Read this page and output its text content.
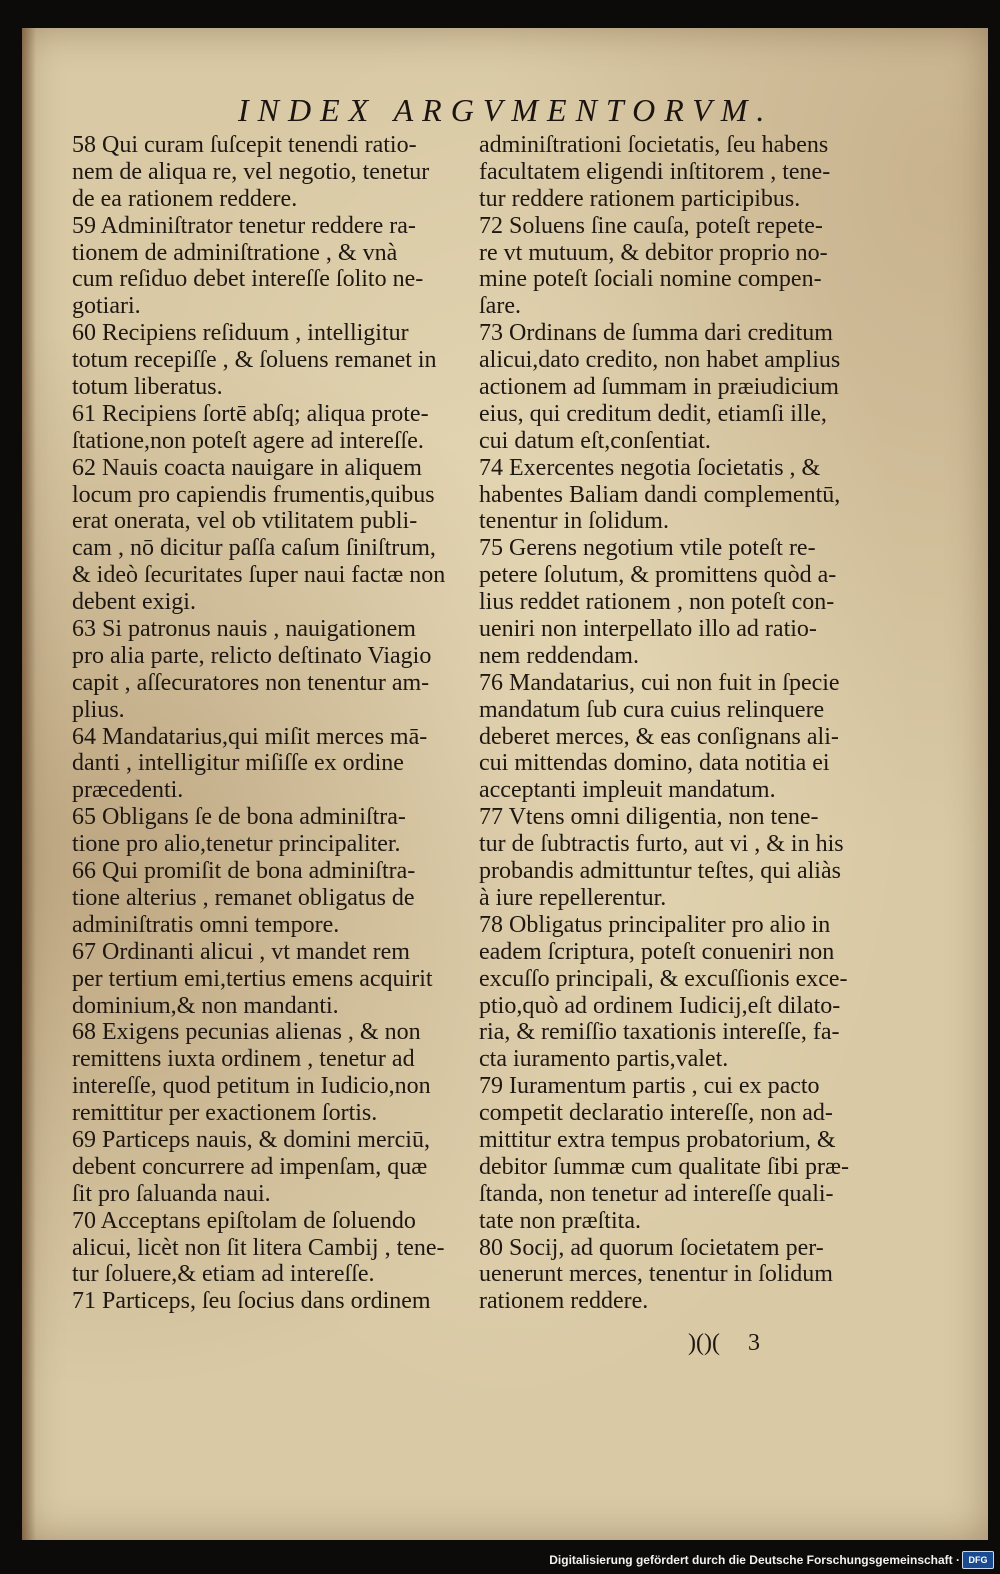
INDEX ARGVMENTORVM.
58 Qui curam ſuſcepit tenendi ratio-
nem de aliqua re, vel negotio, tenetur
de ea rationem reddere.
59 Adminiſtrator tenetur reddere ra-
tionem de adminiſtratione , & vnà
cum reſiduo debet intereſſe ſolito ne-
gotiari.
60 Recipiens reſiduum , intelligitur
totum recepiſſe , & ſoluens remanet in
totum liberatus.
61 Recipiens ſortē abſq; aliqua prote-
ſtatione,non poteſt agere ad intereſſe.
62 Nauis coacta nauigare in aliquem
locum pro capiendis frumentis,quibus
erat onerata, vel ob vtilitatem publi-
cam , nō dicitur paſſa caſum ſiniſtrum,
& ideò ſecuritates ſuper naui factæ non
debent exigi.
63 Si patronus nauis , nauigationem
pro alia parte, relicto deſtinato Viagio
capit , aſſecuratores non tenentur am-
plius.
64 Mandatarius,qui miſit merces mā-
danti , intelligitur miſiſſe ex ordine
præcedenti.
65 Obligans ſe de bona adminiſtra-
tione pro alio,tenetur principaliter.
66 Qui promiſit de bona adminiſtra-
tione alterius , remanet obligatus de
adminiſtratis omni tempore.
67 Ordinanti alicui , vt mandet rem
per tertium emi,tertius emens acquirit
dominium,& non mandanti.
68 Exigens pecunias alienas , & non
remittens iuxta ordinem , tenetur ad
intereſſe, quod petitum in Iudicio,non
remittitur per exactionem ſortis.
69 Particeps nauis, & domini merciū,
debent concurrere ad impenſam, quæ
ſit pro ſaluanda naui.
70 Acceptans epiſtolam de ſoluendo
alicui, licèt non ſit litera Cambij , tene-
tur ſoluere,& etiam ad intereſſe.
71 Particeps, ſeu ſocius dans ordinem
adminiſtrationi ſocietatis, ſeu habens
facultatem eligendi inſtitorem , tene-
tur reddere rationem participibus.
72 Soluens ſine cauſa, poteſt repete-
re vt mutuum, & debitor proprio no-
mine poteſt ſociali nomine compen-
ſare.
73 Ordinans de ſumma dari creditum
alicui,dato credito, non habet amplius
actionem ad ſummam in præiudicium
eius, qui creditum dedit, etiamſi ille,
cui datum eſt,conſentiat.
74 Exercentes negotia ſocietatis , &
habentes Baliam dandi complementū,
tenentur in ſolidum.
75 Gerens negotium vtile poteſt re-
petere ſolutum, & promittens quòd a-
lius reddet rationem , non poteſt con-
ueniri non interpellato illo ad ratio-
nem reddendam.
76 Mandatarius, cui non fuit in ſpecie
mandatum ſub cura cuius relinquere
deberet merces, & eas conſignans ali-
cui mittendas domino, data notitia ei
acceptanti impleuit mandatum.
77 Vtens omni diligentia, non tene-
tur de ſubtractis furto, aut vi , & in his
probandis admittuntur teſtes, qui aliàs
à iure repellerentur.
78 Obligatus principaliter pro alio in
eadem ſcriptura, poteſt conueniri non
excuſſo principali, & excuſſionis exce-
ptio,quò ad ordinem Iudicij,eſt dilato-
ria, & remiſſio taxationis intereſſe, fa-
cta iuramento partis,valet.
79 Iuramentum partis , cui ex pacto
competit declaratio intereſſe, non ad-
mittitur extra tempus probatorium, &
debitor ſummæ cum qualitate ſibi præ-
ſtanda, non tenetur ad intereſſe quali-
tate non præſtita.
80 Socij, ad quorum ſocietatem per-
uenerunt merces, tenentur in ſolidum
rationem reddere.
)()( 3
Digitalisierung gefördert durch die Deutsche Forschungsgemeinschaft · DFG
